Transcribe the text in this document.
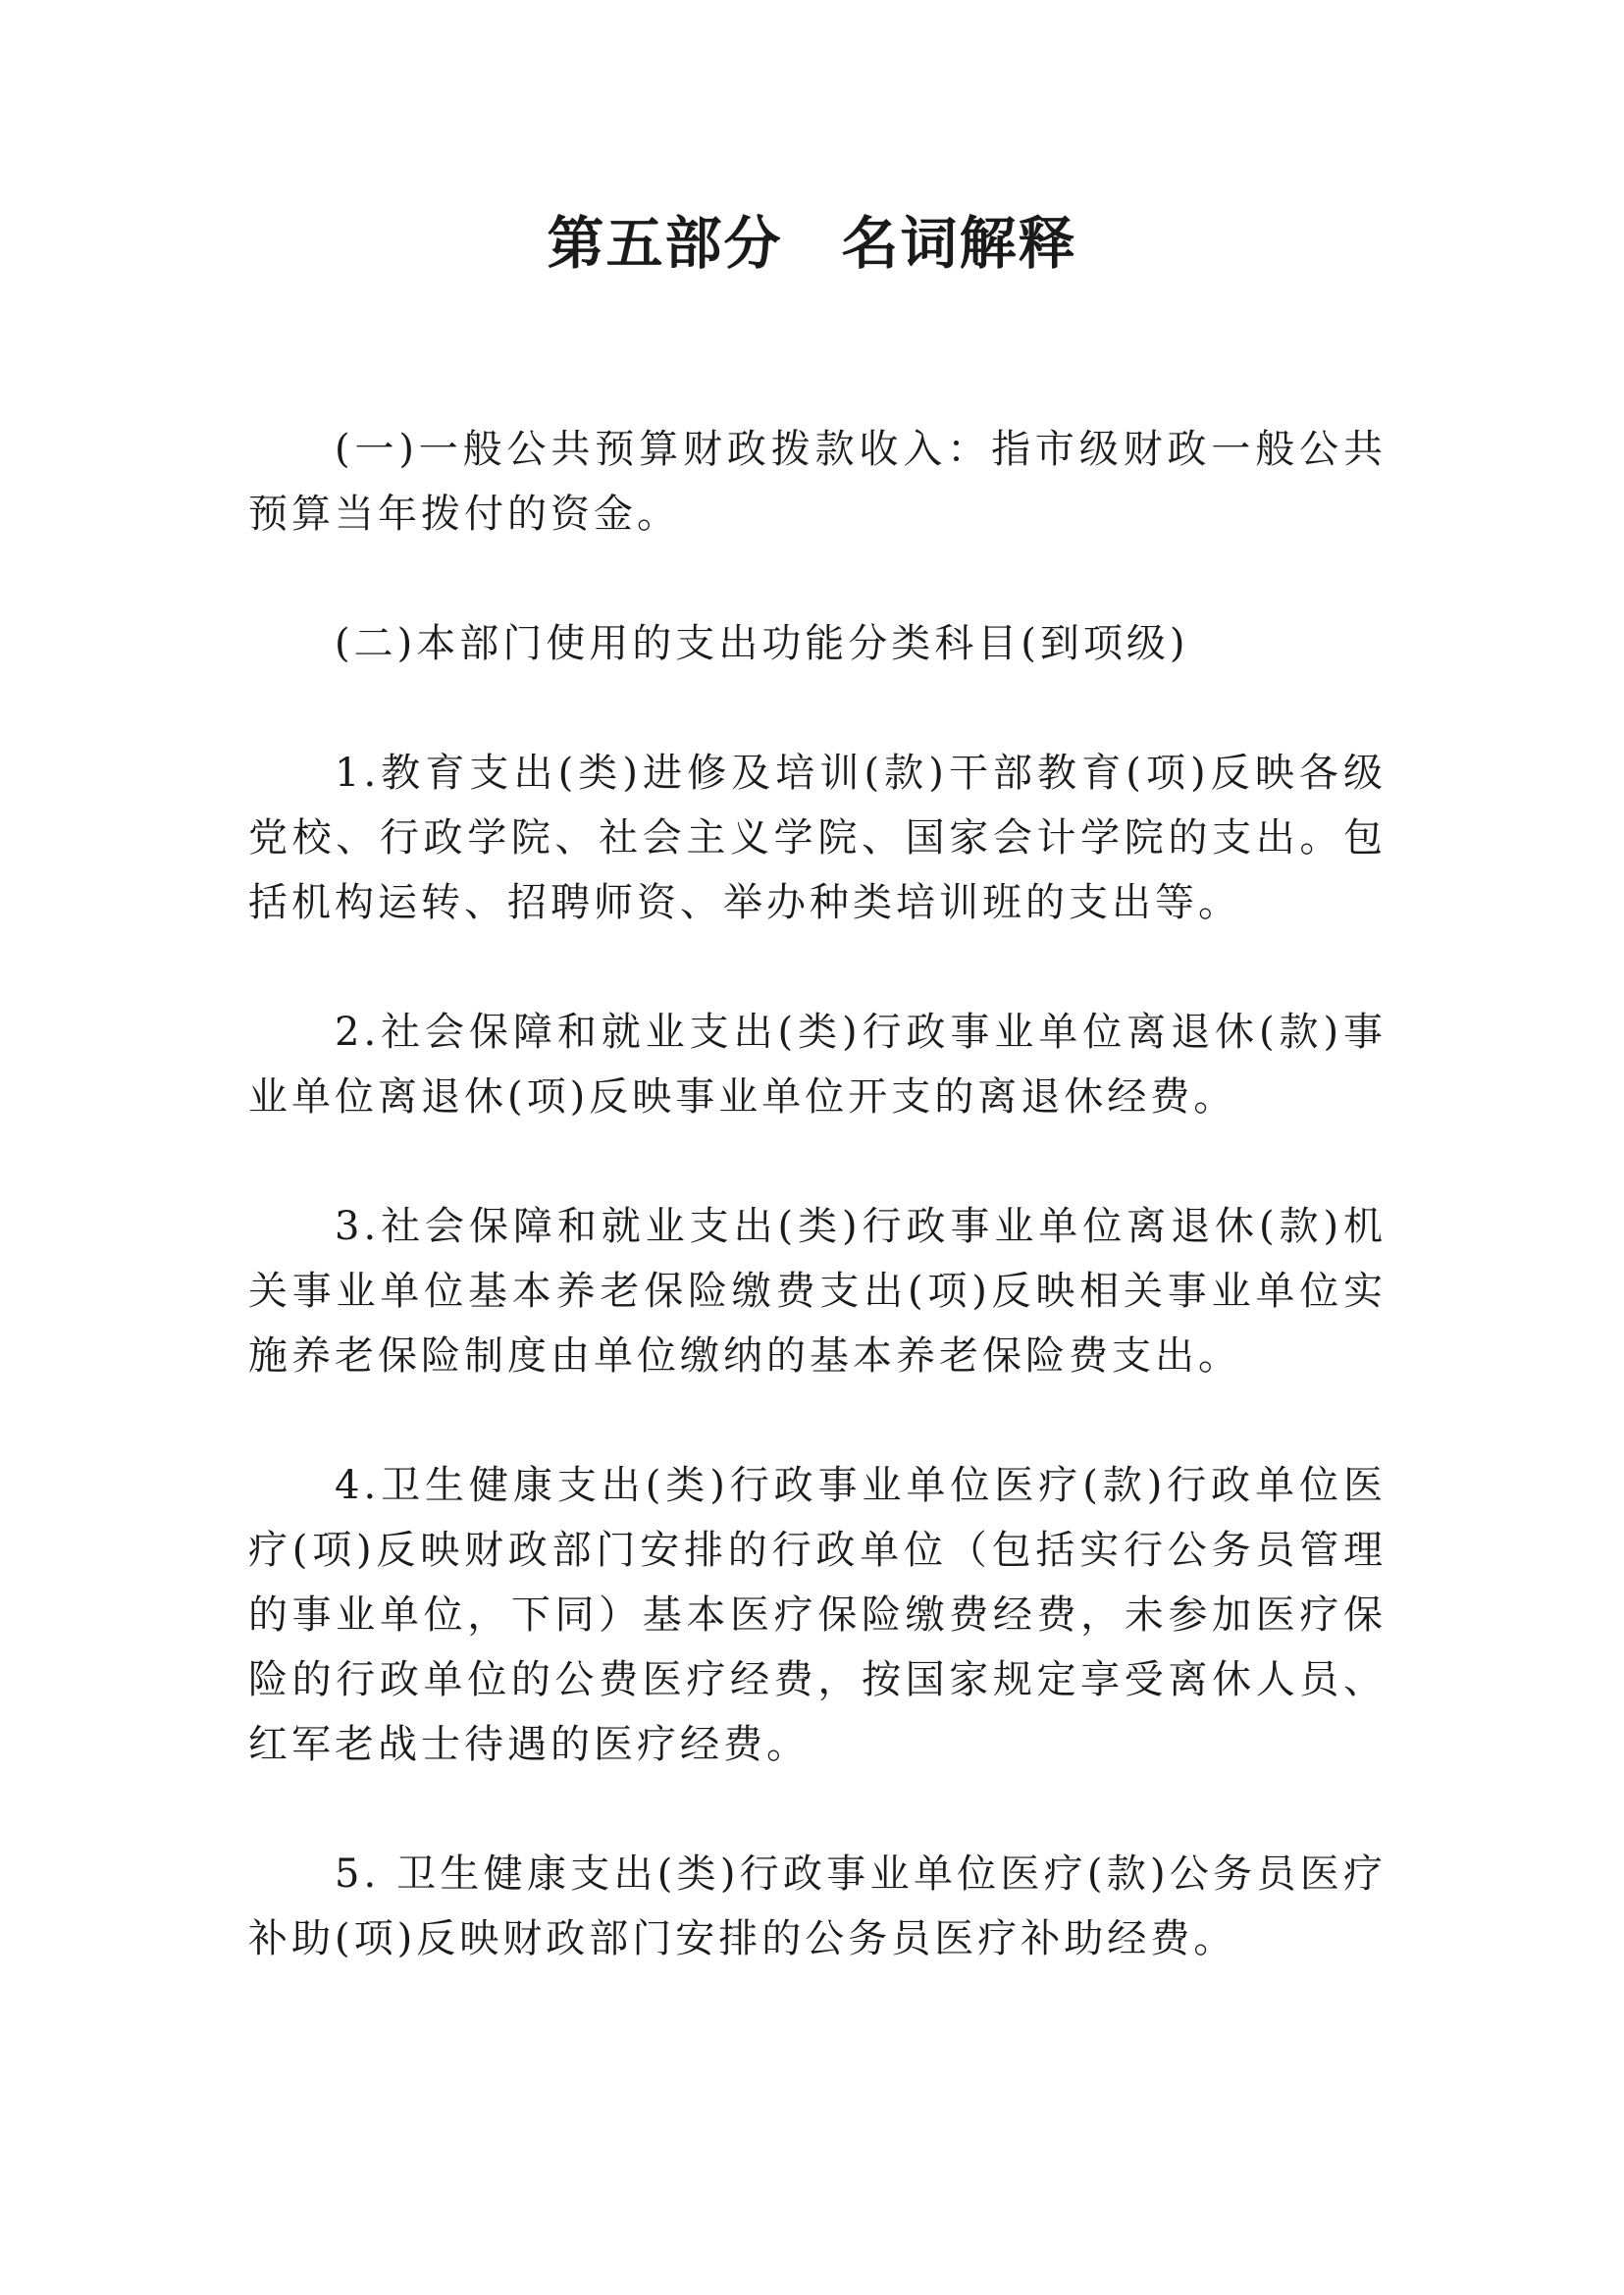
第五部分　名词解释

(一)一般公共预算财政拨款收入：指市级财政一般公共预算当年拨付的资金。

(二)本部门使用的支出功能分类科目(到项级)

1.教育支出(类)进修及培训(款)干部教育(项)反映各级党校、行政学院、社会主义学院、国家会计学院的支出。包括机构运转、招聘师资、举办种类培训班的支出等。

2.社会保障和就业支出(类)行政事业单位离退休(款)事业单位离退休(项)反映事业单位开支的离退休经费。

3.社会保障和就业支出(类)行政事业单位离退休(款)机关事业单位基本养老保险缴费支出(项)反映相关事业单位实施养老保险制度由单位缴纳的基本养老保险费支出。

4.卫生健康支出(类)行政事业单位医疗(款)行政单位医疗(项)反映财政部门安排的行政单位（包括实行公务员管理的事业单位，下同）基本医疗保险缴费经费，未参加医疗保险的行政单位的公费医疗经费，按国家规定享受离休人员、红军老战士待遇的医疗经费。

5. 卫生健康支出(类)行政事业单位医疗(款)公务员医疗补助(项)反映财政部门安排的公务员医疗补助经费。
